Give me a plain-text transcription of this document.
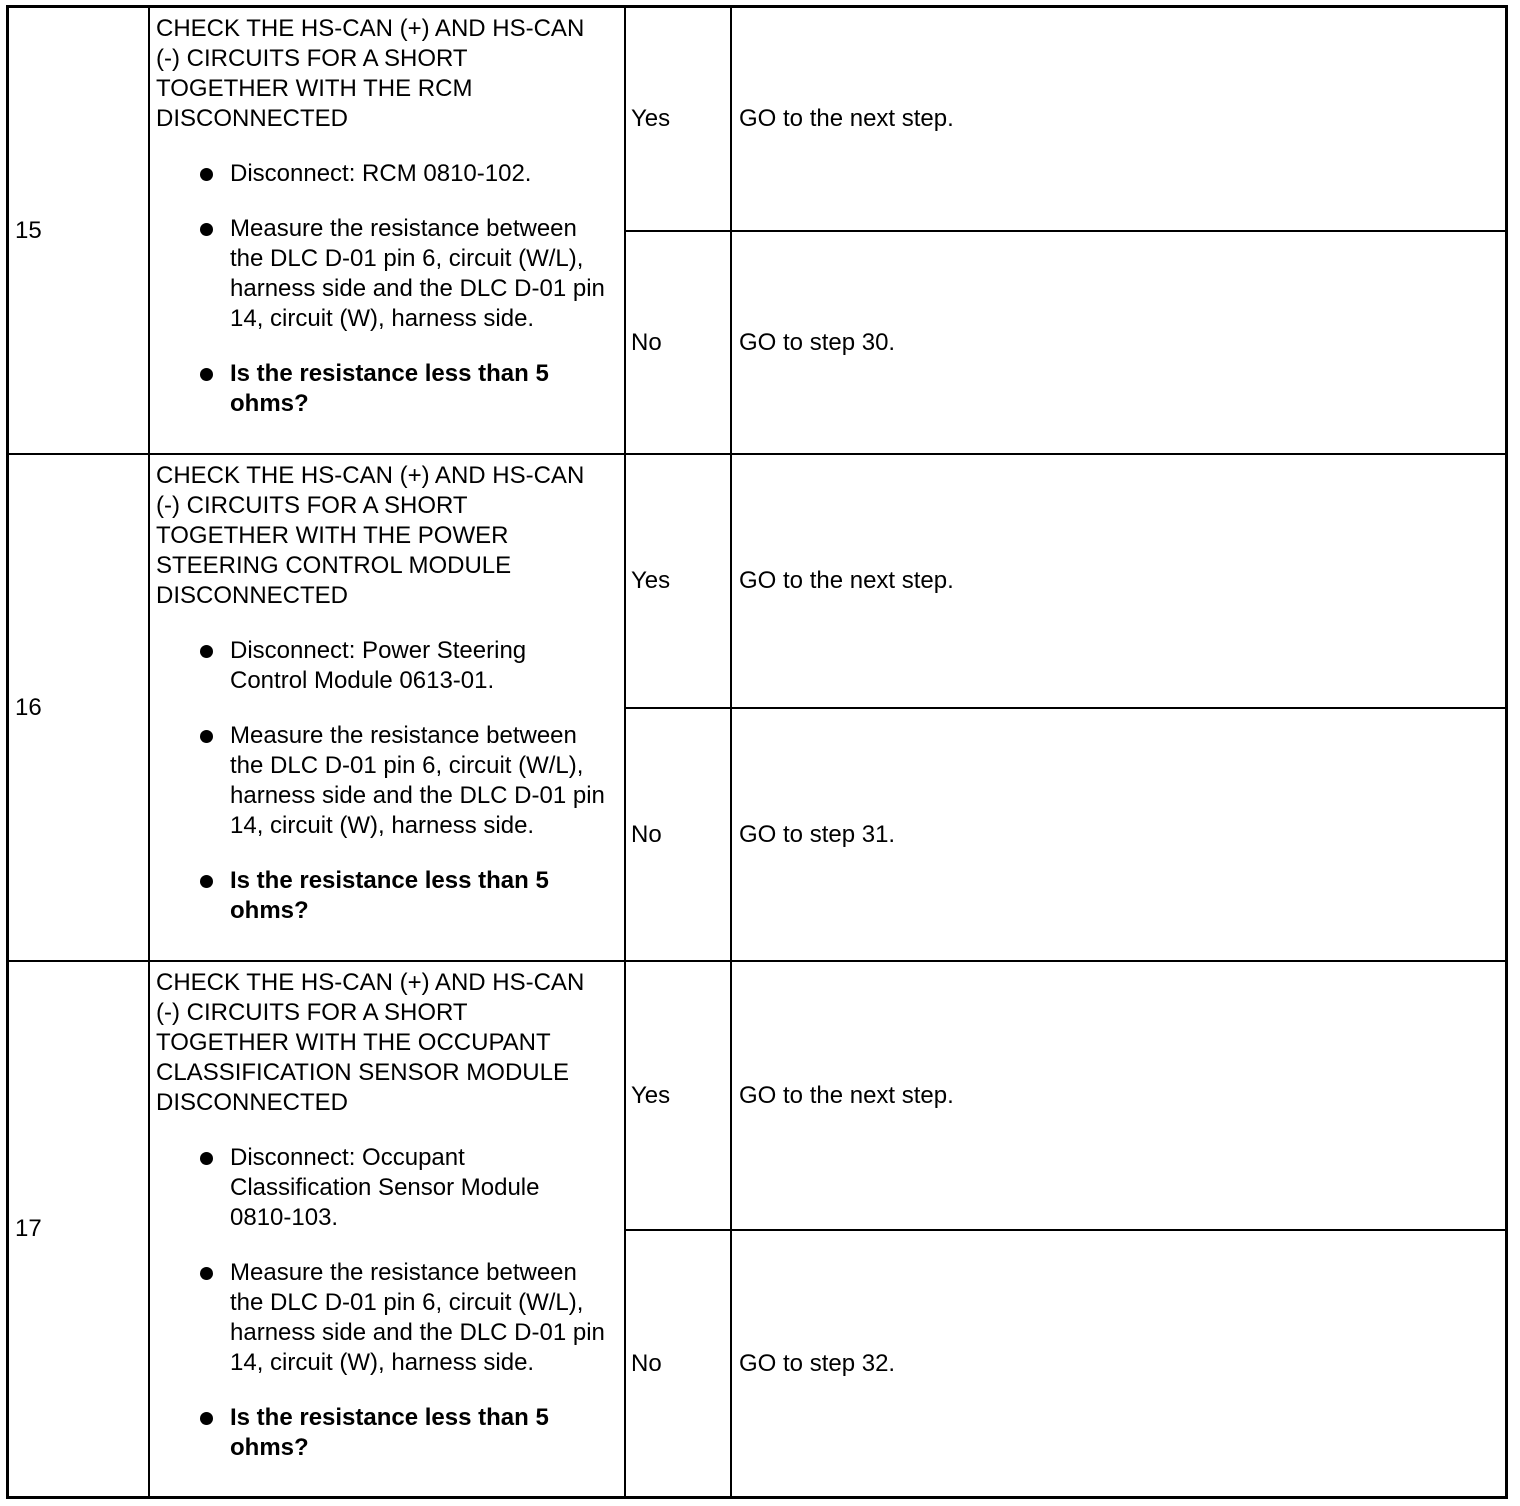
15
CHECK THE HS-CAN (+) AND HS-CAN (-) CIRCUITS FOR A SHORT TOGETHER WITH THE RCM DISCONNECTED
Disconnect: RCM 0810-102.
Measure the resistance between the DLC D-01 pin 6, circuit (W/L), harness side and the DLC D-01 pin 14, circuit (W), harness side.
Is the resistance less than 5 ohms?
Yes	GO to the next step.
No	GO to step 30.
16
CHECK THE HS-CAN (+) AND HS-CAN (-) CIRCUITS FOR A SHORT TOGETHER WITH THE POWER STEERING CONTROL MODULE DISCONNECTED
Disconnect: Power Steering Control Module 0613-01.
Measure the resistance between the DLC D-01 pin 6, circuit (W/L), harness side and the DLC D-01 pin 14, circuit (W), harness side.
Is the resistance less than 5 ohms?
Yes	GO to the next step.
No	GO to step 31.
17
CHECK THE HS-CAN (+) AND HS-CAN (-) CIRCUITS FOR A SHORT TOGETHER WITH THE OCCUPANT CLASSIFICATION SENSOR MODULE DISCONNECTED
Disconnect: Occupant Classification Sensor Module 0810-103.
Measure the resistance between the DLC D-01 pin 6, circuit (W/L), harness side and the DLC D-01 pin 14, circuit (W), harness side.
Is the resistance less than 5 ohms?
Yes	GO to the next step.
No	GO to step 32.
